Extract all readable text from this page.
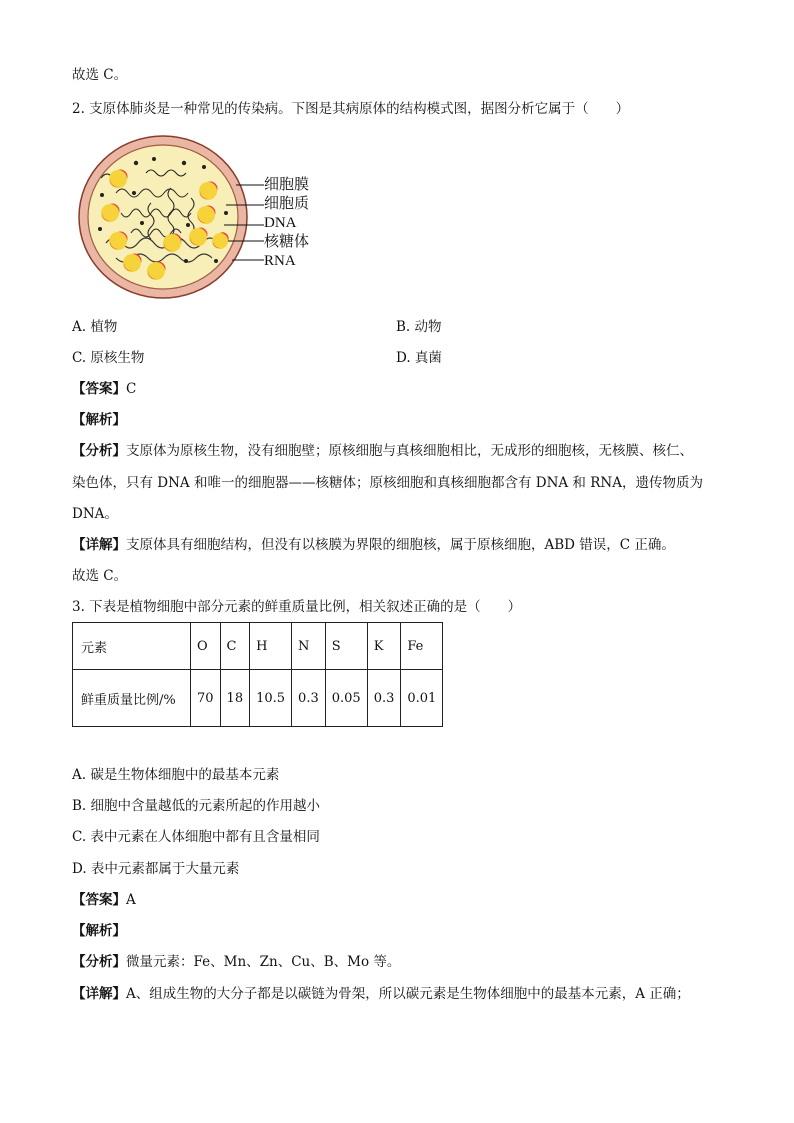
故选 C。
2. 支原体肺炎是一种常见的传染病。下图是其病原体的结构模式图，据图分析它属于（　　）
细胞膜
细胞质
DNA
核糖体
RNA
A. 植物	B. 动物
C. 原核生物	D. 真菌
【答案】C
【解析】
【分析】支原体为原核生物，没有细胞壁；原核细胞与真核细胞相比，无成形的细胞核，无核膜、核仁、
染色体，只有 DNA 和唯一的细胞器——核糖体；原核细胞和真核细胞都含有 DNA 和 RNA，遗传物质为
DNA。
【详解】支原体具有细胞结构，但没有以核膜为界限的细胞核，属于原核细胞，ABD 错误，C 正确。
故选 C。
3. 下表是植物细胞中部分元素的鲜重质量比例，相关叙述正确的是（　　）
元素	O	C	H	N	S	K	Fe
鲜重质量比例/%	70	18	10.5	0.3	0.05	0.3	0.01
A. 碳是生物体细胞中的最基本元素
B. 细胞中含量越低的元素所起的作用越小
C. 表中元素在人体细胞中都有且含量相同
D. 表中元素都属于大量元素
【答案】A
【解析】
【分析】微量元素：Fe、Mn、Zn、Cu、B、Mo 等。
【详解】A、组成生物的大分子都是以碳链为骨架，所以碳元素是生物体细胞中的最基本元素，A 正确；
